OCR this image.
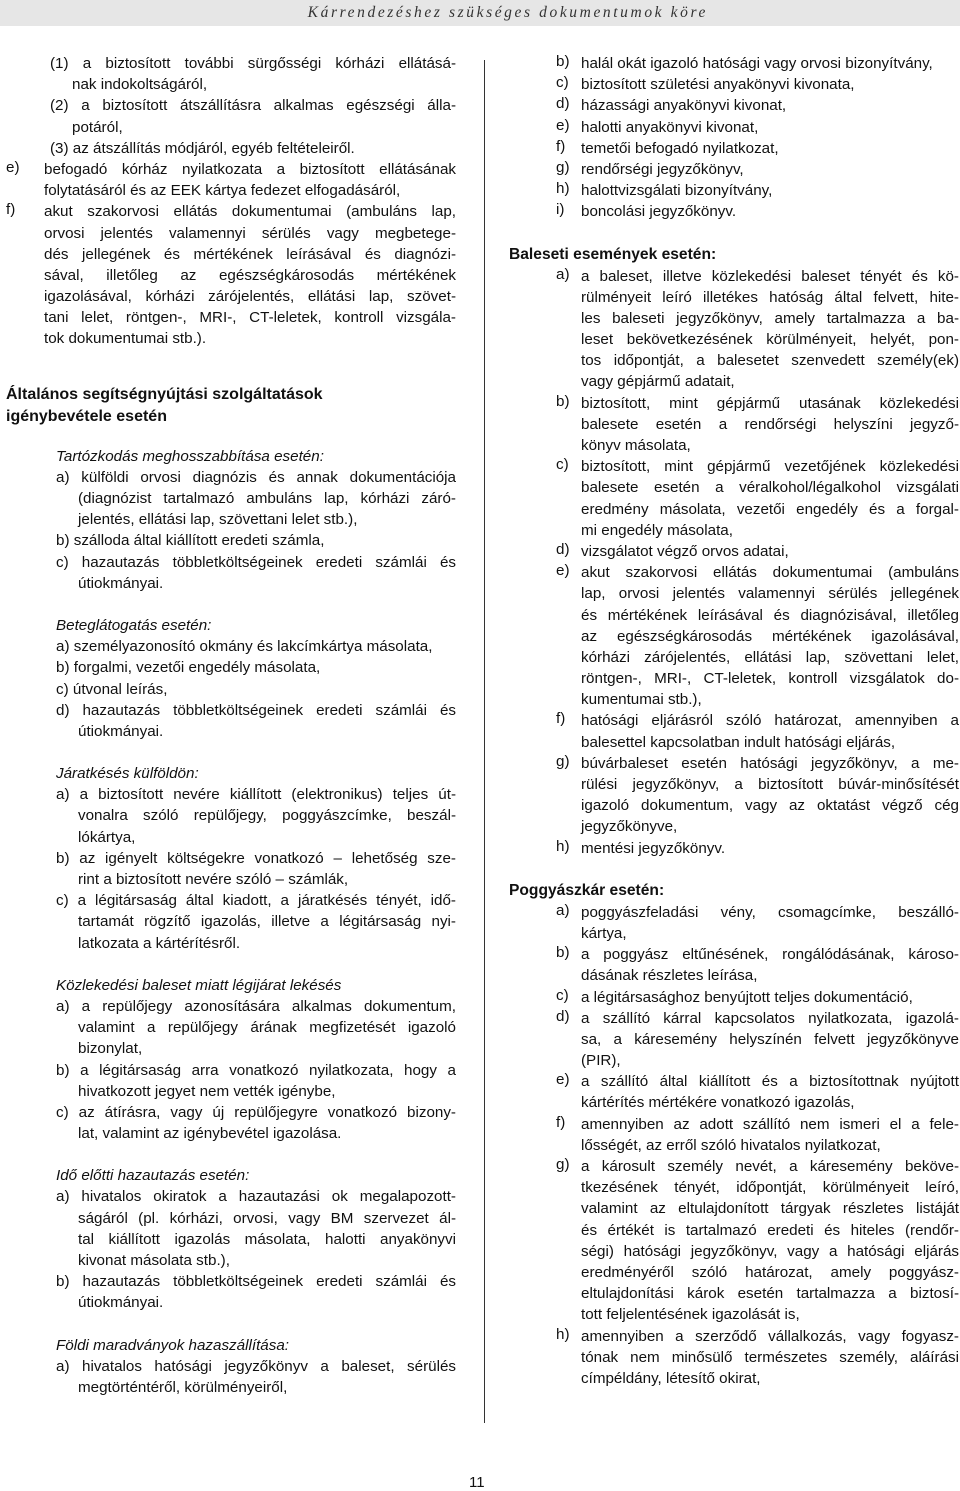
Kárrendezéshez szükséges dokumentumok köre
(1) a biztosított további sürgősségi kórházi ellátásá-
nak indokoltságáról,
(2) a biztosított átszállításra alkalmas egészségi álla-
potáról,
(3) az átszállítás módjáról, egyéb feltételeiről.
e)	befogadó kórház nyilatkozata a biztosított ellátásának
folytatásáról és az EEK kártya fedezet elfogadásáról,
f)	akut szakorvosi ellátás dokumentumai (ambuláns lap,
orvosi jelentés valamennyi sérülés vagy megbetege-
dés jellegének és mértékének leírásával és diagnózi-
sával, illetőleg az egészségkárosodás mértékének
igazolásával, kórházi zárójelentés, ellátási lap, szövet-
tani lelet, röntgen-, MRI-, CT-leletek, kontroll vizsgála-
tok dokumentumai stb.).
Általános segítségnyújtási szolgáltatások
igénybevétele esetén
Tartózkodás meghosszabbítása esetén:
a) külföldi orvosi diagnózis és annak dokumentációja
(diagnózist tartalmazó ambuláns lap, kórházi záró-
jelentés, ellátási lap, szövettani lelet stb.),
b) szálloda által kiállított eredeti számla,
c) hazautazás többletköltségeinek eredeti számlái és
útiokmányai.
Beteglátogatás esetén:
a) személyazonosító okmány és lakcímkártya másolata,
b) forgalmi, vezetői engedély másolata,
c) útvonal leírás,
d) hazautazás többletköltségeinek eredeti számlái és
útiokmányai.
Járatkésés külföldön:
a) a biztosított nevére kiállított (elektronikus) teljes út-
vonalra szóló repülőjegy, poggyászcímke, beszál-
lókártya,
b) az igényelt költségekre vonatkozó – lehetőség sze-
rint a biztosított nevére szóló – számlák,
c) a légitársaság által kiadott, a járatkésés tényét, idő-
tartamát rögzítő igazolás, illetve a légitársaság nyi-
latkozata a kártérítésről.
Közlekedési baleset miatt légijárat lekésés
a) a repülőjegy azonosítására alkalmas dokumentum,
valamint a repülőjegy árának megfizetését igazoló
bizonylat,
b) a légitársaság arra vonatkozó nyilatkozata, hogy a
hivatkozott jegyet nem vették igénybe,
c) az átírásra, vagy új repülőjegyre vonatkozó bizony-
lat, valamint az igénybevétel igazolása.
Idő előtti hazautazás esetén:
a) hivatalos okiratok a hazautazási ok megalapozott-
ságáról (pl. kórházi, orvosi, vagy BM szervezet ál-
tal kiállított igazolás másolata, halotti anyakönyvi
kivonat másolata stb.),
b) hazautazás többletköltségeinek eredeti számlái és
útiokmányai.
Földi maradványok hazaszállítása:
a) hivatalos hatósági jegyzőkönyv a baleset, sérülés
megtörténtéről, körülményeiről,
b) halál okát igazoló hatósági vagy orvosi bizonyítvány,
c) biztosított születési anyakönyvi kivonata,
d) házassági anyakönyvi kivonat,
e) halotti anyakönyvi kivonat,
f)	temetői befogadó nyilatkozat,
g) rendőrségi jegyzőkönyv,
h) halottvizsgálati bizonyítvány,
i)	boncolási jegyzőkönyv.
Baleseti események esetén:
a) a baleset, illetve közlekedési baleset tényét és kö-
rülményeit leíró illetékes hatóság által felvett, hite-
les baleseti jegyzőkönyv, amely tartalmazza a ba-
leset bekövetkezésének körülményeit, helyét, pon-
tos időpontját, a balesetet szenvedett személy(ek)
vagy gépjármű adatait,
b) biztosított, mint gépjármű utasának közlekedési
balesete esetén a rendőrségi helyszíni jegyző-
könyv másolata,
c) biztosított, mint gépjármű vezetőjének közlekedési
balesete esetén a véralkohol/légalkohol vizsgálati
eredmény másolata, vezetői engedély és a forgal-
mi engedély másolata,
d) vizsgálatot végző orvos adatai,
e) akut szakorvosi ellátás dokumentumai (ambuláns
lap, orvosi jelentés valamennyi sérülés jellegének
és mértékének leírásával és diagnózisával, illetőleg
az egészségkárosodás mértékének igazolásával,
kórházi zárójelentés, ellátási lap, szövettani lelet,
röntgen-, MRI-, CT-leletek, kontroll vizsgálatok do-
kumentumai stb.),
f)	hatósági eljárásról szóló határozat, amennyiben a
balesettel kapcsolatban indult hatósági eljárás,
g) búvárbaleset esetén hatósági jegyzőkönyv, a me-
rülési jegyzőkönyv, a biztosított búvár-minősítését
igazoló dokumentum, vagy az oktatást végző cég
jegyzőkönyve,
h) mentési jegyzőkönyv.
Poggyászkár esetén:
a) poggyászfeladási vény, csomagcímke, beszálló-
kártya,
b) a poggyász eltűnésének, rongálódásának, károso-
dásának részletes leírása,
c) a légitársasághoz benyújtott teljes dokumentáció,
d) a szállító kárral kapcsolatos nyilatkozata, igazolá-
sa, a káresemény helyszínén felvett jegyzőkönyve
(PIR),
e) a szállító által kiállított és a biztosítottnak nyújtott
kártérítés mértékére vonatkozó igazolás,
f)	amennyiben az adott szállító nem ismeri el a fele-
lősségét, az erről szóló hivatalos nyilatkozat,
g) a károsult személy nevét, a káresemény beköve-
tkezésének tényét, időpontját, körülményeit leíró,
valamint az eltulajdonított tárgyak részletes listáját
és értékét is tartalmazó eredeti és hiteles (rendőr-
ségi) hatósági jegyzőkönyv, vagy a hatósági eljárás
eredményéről szóló határozat, amely poggyász-
eltulajdonítási károk esetén tartalmazza a biztosí-
tott feljelentésének igazolását is,
h) amennyiben a szerződő vállalkozás, vagy fogyasz-
tónak nem minősülő természetes személy, aláírási
címpéldány, létesítő okirat,
11
